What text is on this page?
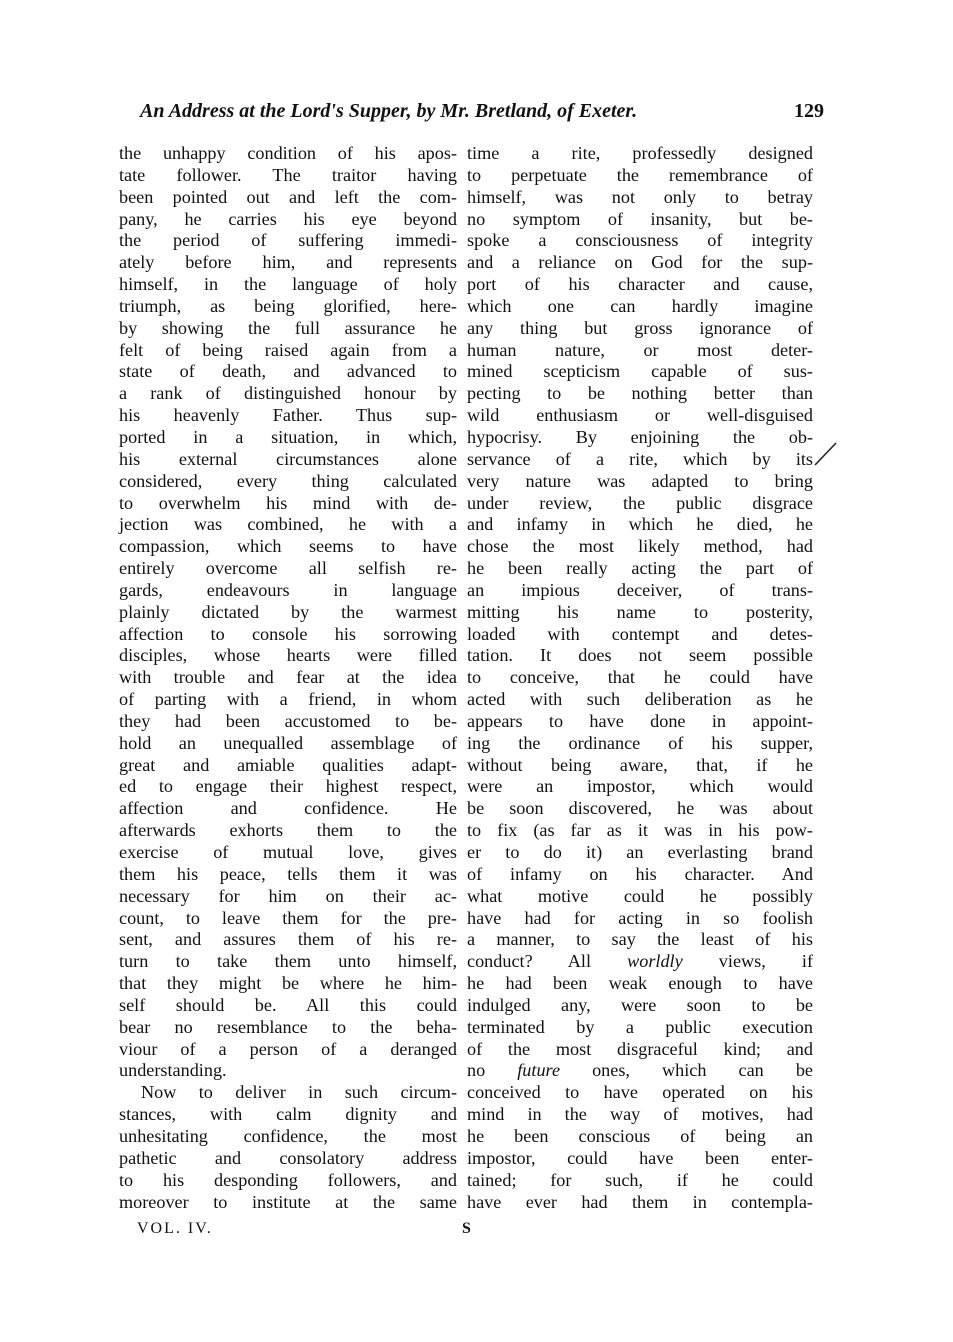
An Address at the Lord's Supper, by Mr. Bretland, of Exeter.	129
the unhappy condition of his apos-
tate follower. The traitor having
been pointed out and left the com-
pany, he carries his eye beyond
the period of suffering immedi-
ately before him, and represents
himself, in the language of holy
triumph, as being glorified, here-
by showing the full assurance he
felt of being raised again from a
state of death, and advanced to
a rank of distinguished honour by
his heavenly Father. Thus sup-
ported in a situation, in which,
his external circumstances alone
considered, every thing calculated
to overwhelm his mind with de-
jection was combined, he with a
compassion, which seems to have
entirely overcome all selfish re-
gards, endeavours in language
plainly dictated by the warmest
affection to console his sorrowing
disciples, whose hearts were filled
with trouble and fear at the idea
of parting with a friend, in whom
they had been accustomed to be-
hold an unequalled assemblage of
great and amiable qualities adapt-
ed to engage their highest respect,
affection and confidence. He
afterwards exhorts them to the
exercise of mutual love, gives
them his peace, tells them it was
necessary for him on their ac-
count, to leave them for the pre-
sent, and assures them of his re-
turn to take them unto himself,
that they might be where he him-
self should be. All this could
bear no resemblance to the beha-
viour of a person of a deranged
understanding.
Now to deliver in such circum-
stances, with calm dignity and
unhesitating confidence, the most
pathetic and consolatory address
to his desponding followers, and
moreover to institute at the same
time a rite, professedly designed
to perpetuate the remembrance of
himself, was not only to betray
no symptom of insanity, but be-
spoke a consciousness of integrity
and a reliance on God for the sup-
port of his character and cause,
which one can hardly imagine
any thing but gross ignorance of
human nature, or most deter-
mined scepticism capable of sus-
pecting to be nothing better than
wild enthusiasm or well-disguised
hypocrisy. By enjoining the ob-
servance of a rite, which by its
very nature was adapted to bring
under review, the public disgrace
and infamy in which he died, he
chose the most likely method, had
he been really acting the part of
an impious deceiver, of trans-
mitting his name to posterity,
loaded with contempt and detes-
tation. It does not seem possible
to conceive, that he could have
acted with such deliberation as he
appears to have done in appoint-
ing the ordinance of his supper,
without being aware, that, if he
were an impostor, which would
be soon discovered, he was about
to fix (as far as it was in his pow-
er to do it) an everlasting brand
of infamy on his character. And
what motive could he possibly
have had for acting in so foolish
a manner, to say the least of his
conduct? All worldly views, if
he had been weak enough to have
indulged any, were soon to be
terminated by a public execution
of the most disgraceful kind; and
no future ones, which can be
conceived to have operated on his
mind in the way of motives, had
he been conscious of being an
impostor, could have been enter-
tained; for such, if he could
have ever had them in contempla-
VOL. IV.	S
